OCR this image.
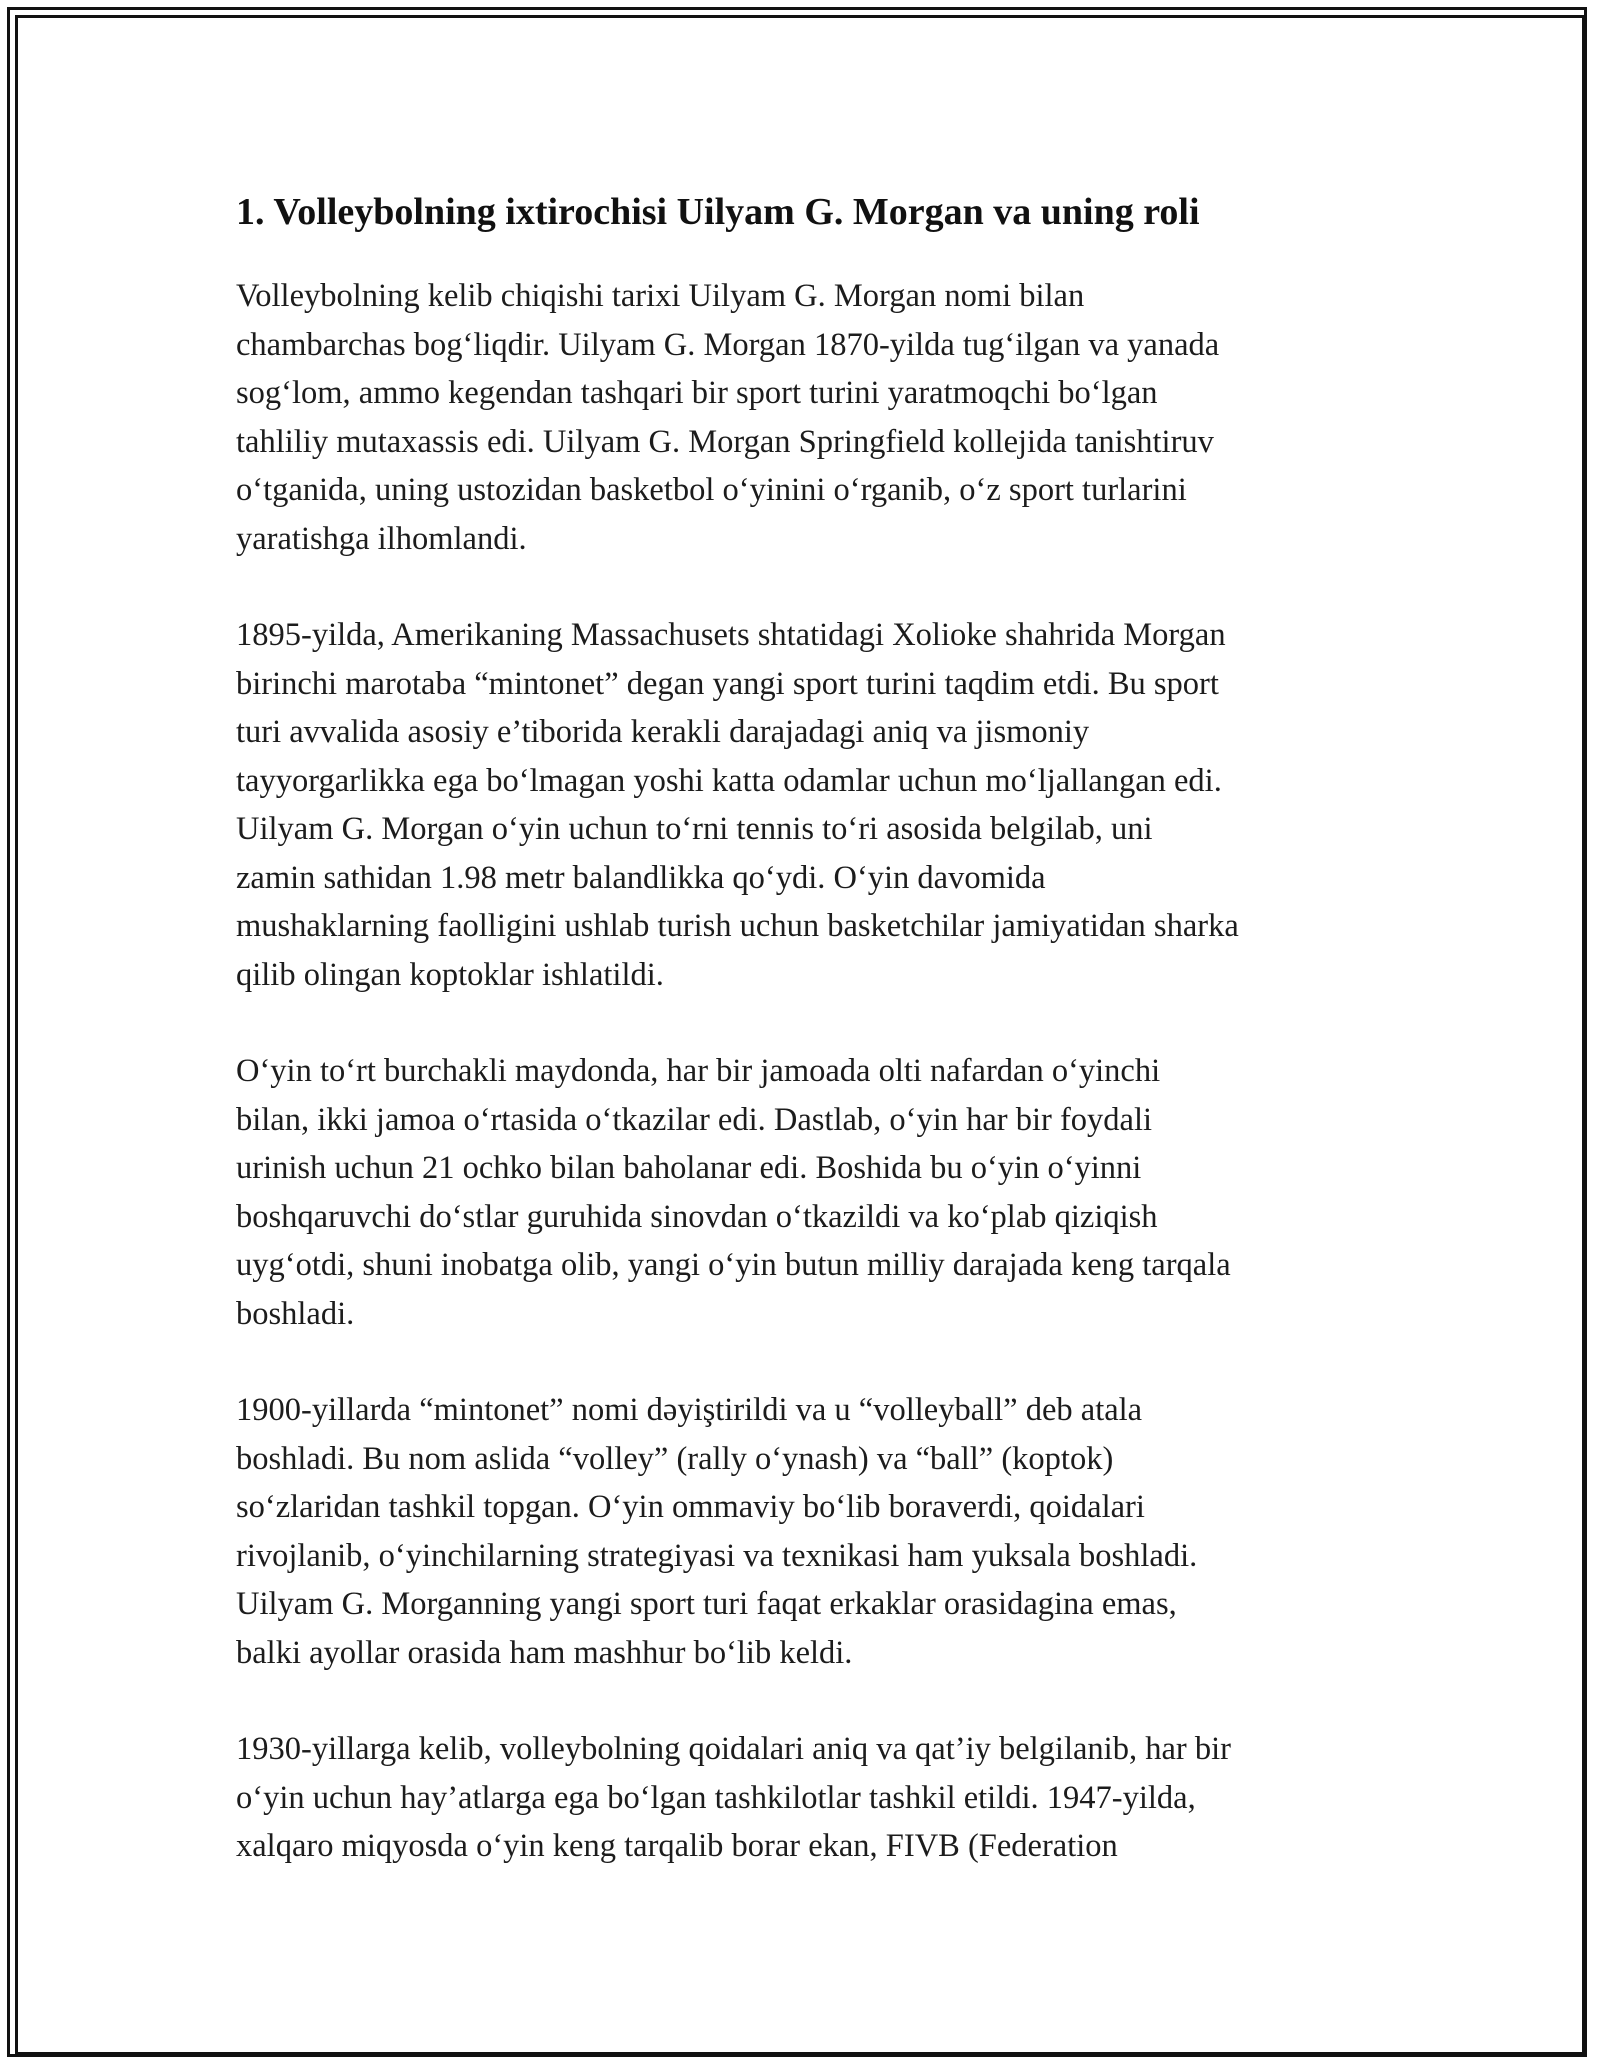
1. Volleybolning ixtirochisi Uilyam G. Morgan va uning roli

Volleybolning kelib chiqishi tarixi Uilyam G. Morgan nomi bilan
chambarchas bog‘liqdir. Uilyam G. Morgan 1870-yilda tug‘ilgan va yanada
sog‘lom, ammo kegendan tashqari bir sport turini yaratmoqchi bo‘lgan
tahliliy mutaxassis edi. Uilyam G. Morgan Springfield kollejida tanishtiruv
o‘tganida, uning ustozidan basketbol o‘yinini o‘rganib, o‘z sport turlarini
yaratishga ilhomlandi.

1895-yilda, Amerikaning Massachusets shtatidagi Xolioke shahrida Morgan
birinchi marotaba “mintonet” degan yangi sport turini taqdim etdi. Bu sport
turi avvalida asosiy e’tiborida kerakli darajadagi aniq va jismoniy
tayyorgarlikka ega bo‘lmagan yoshi katta odamlar uchun mo‘ljallangan edi.
Uilyam G. Morgan o‘yin uchun to‘rni tennis to‘ri asosida belgilab, uni
zamin sathidan 1.98 metr balandlikka qo‘ydi. O‘yin davomida
mushaklarning faolligini ushlab turish uchun basketchilar jamiyatidan sharka
qilib olingan koptoklar ishlatildi.

O‘yin to‘rt burchakli maydonda, har bir jamoada olti nafardan o‘yinchi
bilan, ikki jamoa o‘rtasida o‘tkazilar edi. Dastlab, o‘yin har bir foydali
urinish uchun 21 ochko bilan baholanar edi. Boshida bu o‘yin o‘yinni
boshqaruvchi do‘stlar guruhida sinovdan o‘tkazildi va ko‘plab qiziqish
uyg‘otdi, shuni inobatga olib, yangi o‘yin butun milliy darajada keng tarqala
boshladi.

1900-yillarda “mintonet” nomi dəyiştirildi va u “volleyball” deb atala
boshladi. Bu nom aslida “volley” (rally o‘ynash) va “ball” (koptok)
so‘zlaridan tashkil topgan. O‘yin ommaviy bo‘lib boraverdi, qoidalari
rivojlanib, o‘yinchilarning strategiyasi va texnikasi ham yuksala boshladi.
Uilyam G. Morganning yangi sport turi faqat erkaklar orasidagina emas,
balki ayollar orasida ham mashhur bo‘lib keldi.

1930-yillarga kelib, volleybolning qoidalari aniq va qat’iy belgilanib, har bir
o‘yin uchun hay’atlarga ega bo‘lgan tashkilotlar tashkil etildi. 1947-yilda,
xalqaro miqyosda o‘yin keng tarqalib borar ekan, FIVB (Federation
